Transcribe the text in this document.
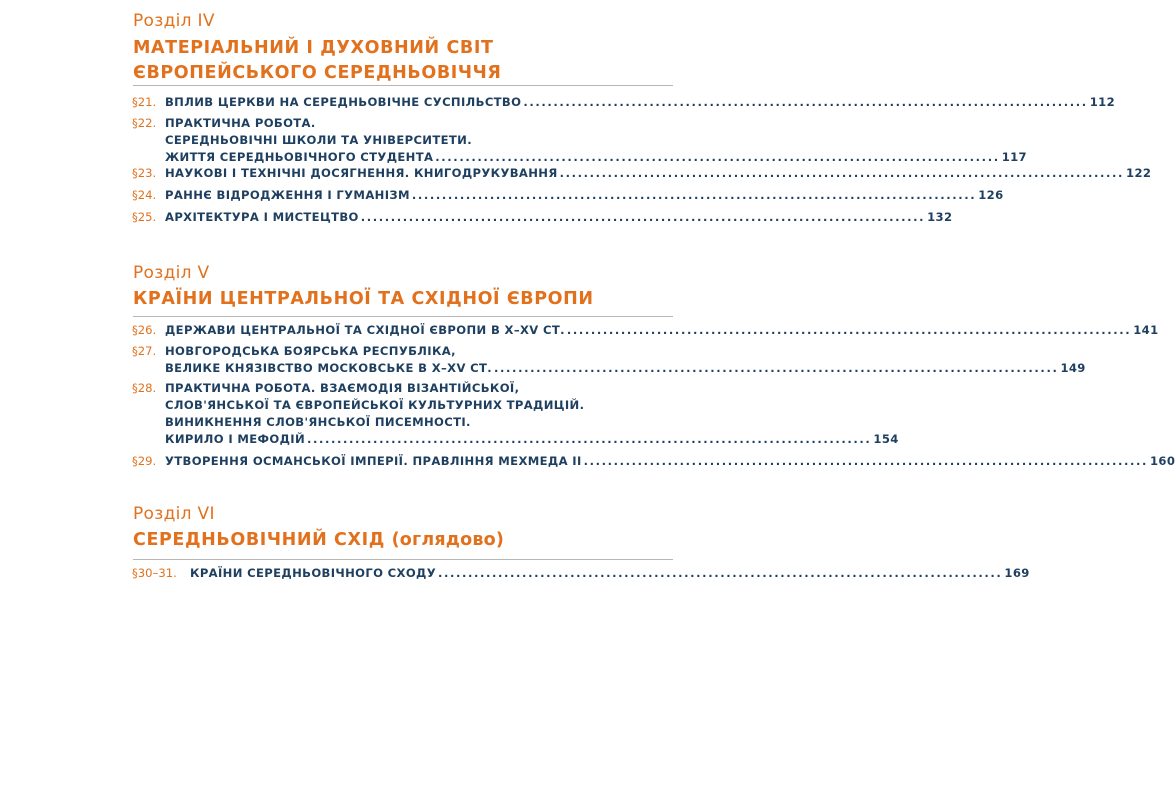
Розділ IV
МАТЕРІАЛЬНИЙ І ДУХОВНИЙ СВІТ
ЄВРОПЕЙСЬКОГО СЕРЕДНЬОВІЧЧЯ
§21. ВПЛИВ ЦЕРКВИ НА СЕРЕДНЬОВІЧНЕ СУСПІЛЬСТВО .............................................................................................. 112
§22. ПРАКТИЧНА РОБОТА.
СЕРЕДНЬОВІЧНІ ШКОЛИ ТА УНІВЕРСИТЕТИ.
ЖИТТЯ СЕРЕДНЬОВІЧНОГО СТУДЕНТА .............................................................................................. 117
§23. НАУКОВІ І ТЕХНІЧНІ ДОСЯГНЕННЯ. КНИГОДРУКУВАННЯ .............................................................................................. 122
§24. РАННЄ ВІДРОДЖЕННЯ І ГУМАНІЗМ .............................................................................................. 126
§25. АРХІТЕКТУРА І МИСТЕЦТВО .............................................................................................. 132
Розділ V
КРАЇНИ ЦЕНТРАЛЬНОЇ ТА СХІДНОЇ ЄВРОПИ
§26. ДЕРЖАВИ ЦЕНТРАЛЬНОЇ ТА СХІДНОЇ ЄВРОПИ В Х–XV СТ. .............................................................................................. 141
§27. НОВГОРОДСЬКА БОЯРСЬКА РЕСПУБЛІКА,
ВЕЛИКЕ КНЯЗІВСТВО МОСКОВСЬКЕ В Х–XV СТ. .............................................................................................. 149
§28. ПРАКТИЧНА РОБОТА. ВЗАЄМОДІЯ ВІЗАНТІЙСЬКОЇ,
СЛОВ'ЯНСЬКОЇ ТА ЄВРОПЕЙСЬКОЇ КУЛЬТУРНИХ ТРАДИЦІЙ.
ВИНИКНЕННЯ СЛОВ'ЯНСЬКОЇ ПИСЕМНОСТІ.
КИРИЛО І МЕФОДІЙ .............................................................................................. 154
§29. УТВОРЕННЯ ОСМАНСЬКОЇ ІМПЕРІЇ. ПРАВЛІННЯ МЕХМЕДА II .............................................................................................. 160
Розділ VI
СЕРЕДНЬОВІЧНИЙ СХІД (оглядово)
§30–31. КРАЇНИ СЕРЕДНЬОВІЧНОГО СХОДУ .............................................................................................. 169
